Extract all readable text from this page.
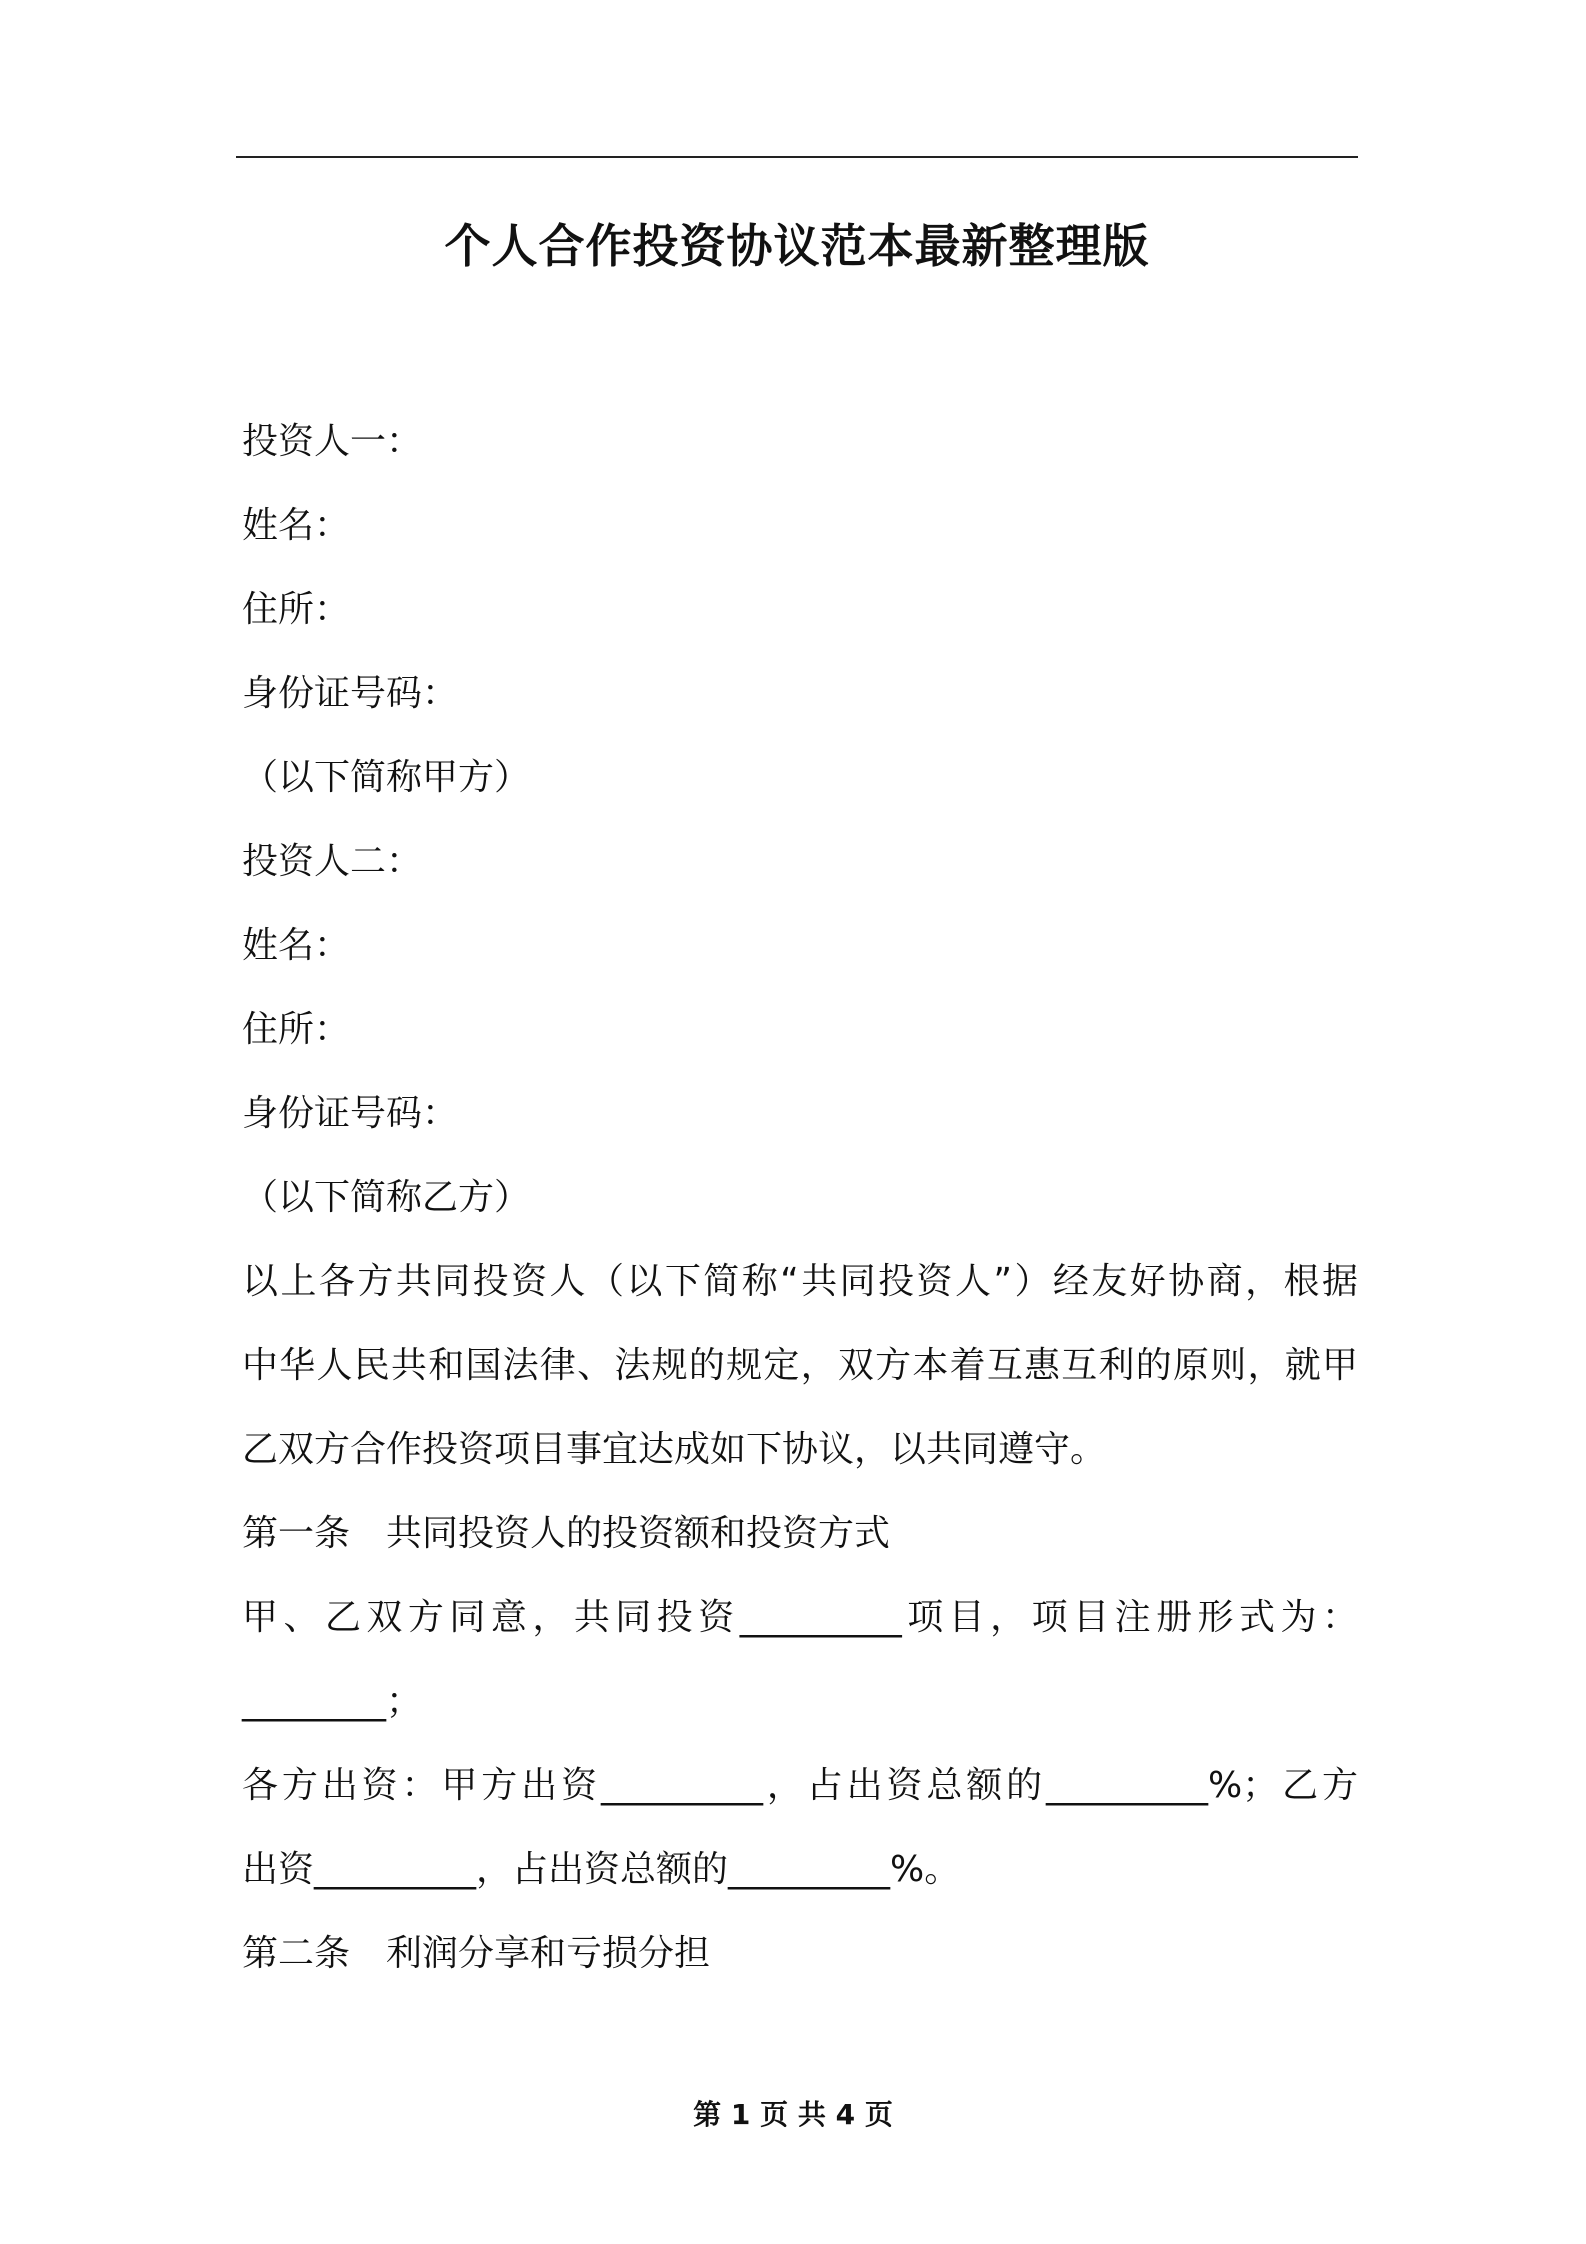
个人合作投资协议范本最新整理版
投资人一：
姓名：
住所：
身份证号码：
（以下简称甲方）
投资人二：
姓名：
住所：
身份证号码：
（以下简称乙方）
以上各方共同投资人（以下简称“共同投资人”）经友好协商，根据
中华人民共和国法律、法规的规定，双方本着互惠互利的原则，就甲
乙双方合作投资项目事宜达成如下协议，以共同遵守。
第一条　共同投资人的投资额和投资方式
甲、乙双方同意，共同投资_________项目，项目注册形式为：
________；
各方出资：甲方出资_________，占出资总额的_________%；乙方
出资_________，占出资总额的_________%。
第二条　利润分享和亏损分担
第 1 页 共 4 页
